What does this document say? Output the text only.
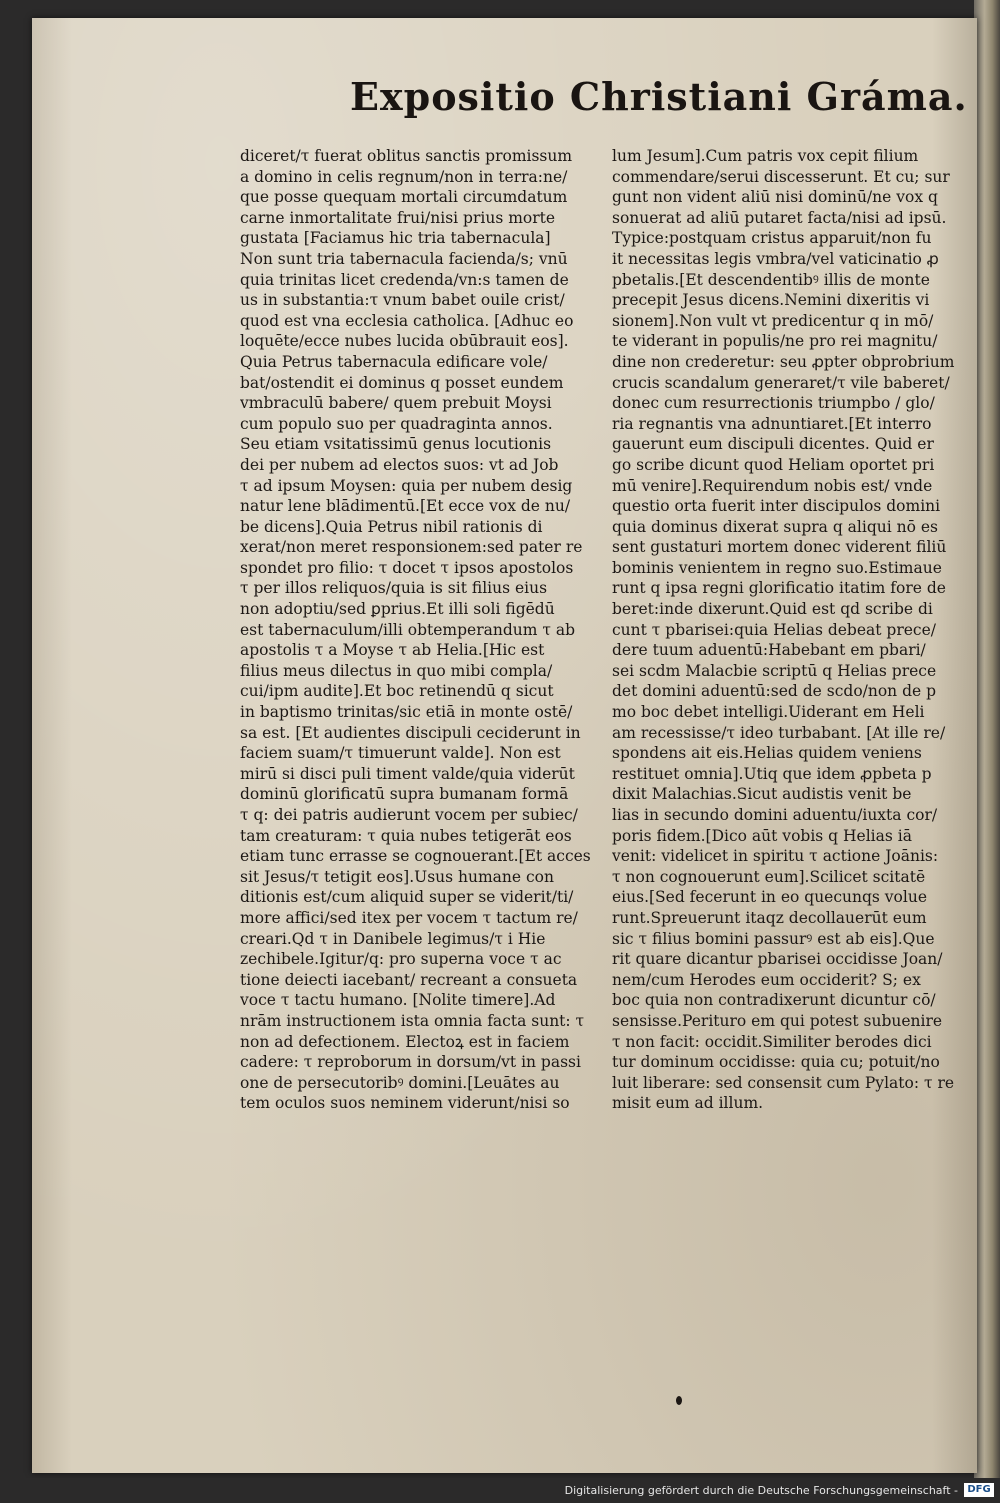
Expositio Christiani Gráma.
diceret/τ fuerat oblitus sanctis promissum
a domino in celis regnum/non in terra:ne/
que posse quequam mortali circumdatum
carne inmortalitate frui/nisi prius morte
gustata [Faciamus hic tria tabernacula]
Non sunt tria tabernacula facienda/s; vnū
quia trinitas licet credenda/vn:s tamen de
us in substantia:τ vnum babet ouile crist/
quod est vna ecclesia catholica. [Adhuc eo
loquēte/ecce nubes lucida obūbrauit eos].
Quia Petrus tabernacula edificare vole/
bat/ostendit ei dominus q posset eundem
vmbraculū babere/ quem prebuit Moysi
cum populo suo per quadraginta annos.
Seu etiam vsitatissimū genus locutionis
dei per nubem ad electos suos: vt ad Job
τ ad ipsum Moysen: quia per nubem desig
natur lene blādimentū.[Et ecce vox de nu/
be dicens].Quia Petrus nibil rationis di
xerat/non meret responsionem:sed pater re
spondet pro filio: τ docet τ ipsos apostolos
τ per illos reliquos/quia is sit filius eius
non adoptiu/sed ꝑprius.Et illi soli figēdū
est tabernaculum/illi obtemperandum τ ab
apostolis τ a Moyse τ ab Helia.[Hic est
filius meus dilectus in quo mibi compla/
cui/ipm audite].Et boc retinendū q sicut
in baptismo trinitas/sic etiā in monte ostē/
sa est. [Et audientes discipuli ceciderunt in
faciem suam/τ timuerunt valde]. Non est
mirū si disci puli timent valde/quia viderūt
dominū glorificatū supra bumanam formā
τ q: dei patris audierunt vocem per subiec/
tam creaturam: τ quia nubes tetigerāt eos
etiam tunc errasse se cognouerant.[Et acces
sit Jesus/τ tetigit eos].Usus humane con
ditionis est/cum aliquid super se viderit/ti/
more affici/sed itex per vocem τ tactum re/
creari.Qd τ in Danibele legimus/τ i Hie
zechibele.Igitur/q: pro superna voce τ ac
tione deiecti iacebant/ recreant a consueta
voce τ tactu humano. [Nolite timere].Ad
nrām instructionem ista omnia facta sunt: τ
non ad defectionem. Electoꝝ est in faciem
cadere: τ reproborum in dorsum/vt in passi
one de persecutoribꝰ domini.[Leuātes au
tem oculos suos neminem viderunt/nisi so
lum Jesum].Cum patris vox cepit filium
commendare/serui discesserunt. Et cu; sur
gunt non vident aliū nisi dominū/ne vox q
sonuerat ad aliū putaret facta/nisi ad ipsū.
Typice:postquam cristus apparuit/non fu
it necessitas legis vmbra/vel vaticinatio ꝓ
pbetalis.[Et descendentibꝰ illis de monte
precepit Jesus dicens.Nemini dixeritis vi
sionem].Non vult vt predicentur q in mō/
te viderant in populis/ne pro rei magnitu/
dine non crederetur: seu ꝓpter obprobrium
crucis scandalum generaret/τ vile baberet/
donec cum resurrectionis triumpbo / glo/
ria regnantis vna adnuntiaret.[Et interro
gauerunt eum discipuli dicentes. Quid er
go scribe dicunt quod Heliam oportet pri
mū venire].Requirendum nobis est/ vnde
questio orta fuerit inter discipulos domini
quia dominus dixerat supra q aliqui nō es
sent gustaturi mortem donec viderent filiū
bominis venientem in regno suo.Estimaue
runt q ipsa regni glorificatio itatim fore de
beret:inde dixerunt.Quid est qd scribe di
cunt τ pbarisei:quia Helias debeat prece/
dere tuum aduentū:Habebant em pbari/
sei scdm Malacbie scriptū q Helias prece
det domini aduentū:sed de scdo/non de p
mo boc debet intelligi.Uiderant em Heli
am recessisse/τ ideo turbabant. [At ille re/
spondens ait eis.Helias quidem veniens
restituet omnia].Utiq que idem ꝓpbeta p
dixit Malachias.Sicut audistis venit be
lias in secundo domini aduentu/iuxta cor/
poris fidem.[Dico aūt vobis q Helias iā
venit: videlicet in spiritu τ actione Joānis:
τ non cognouerunt eum].Scilicet scitatē
eius.[Sed fecerunt in eo quecunqs volue
runt.Spreuerunt itaqz decollauerūt eum
sic τ filius bomini passurꝰ est ab eis].Que
rit quare dicantur pbarisei occidisse Joan/
nem/cum Herodes eum occiderit? S; ex
boc quia non contradixerunt dicuntur cō/
sensisse.Perituro em qui potest subuenire
τ non facit: occidit.Similiter berodes dici
tur dominum occidisse: quia cu; potuit/no
luit liberare: sed consensit cum Pylato: τ re
misit eum ad illum.
Digitalisierung gefördert durch die Deutsche Forschungsgemeinschaft - DFG
